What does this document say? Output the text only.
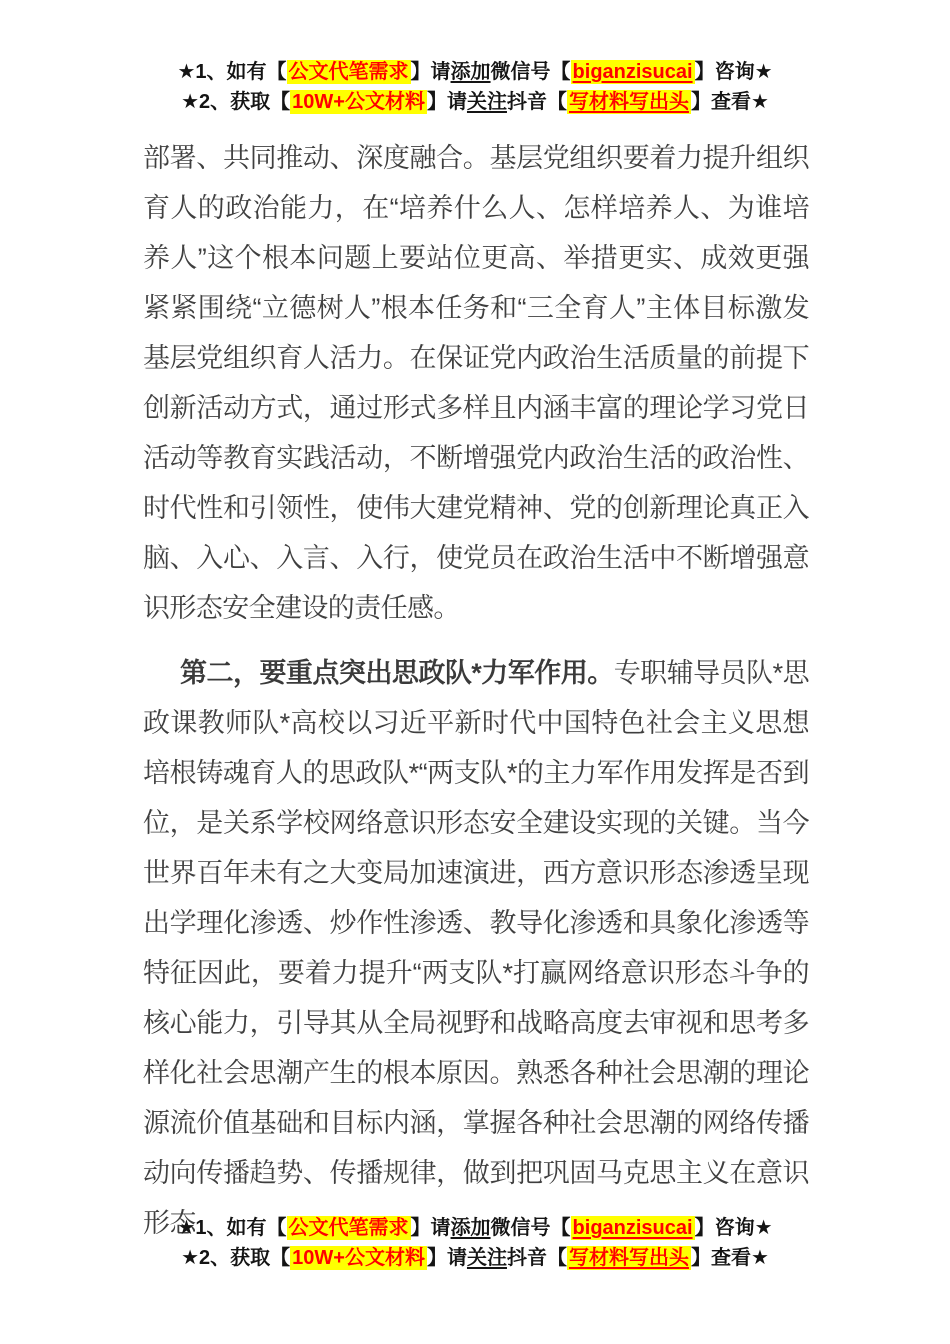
★1、如有【 公文代笔需求 】请添加微信号【 biganzisucai 】咨询★
★2、获取【 10W+公文材料 】请关注抖音【 写材料写出头 】查看★

部署、共同推动、深度融合。基层党组织要着力提升组织育人的政治能力，在“培养什么人、怎样培养人、为谁培养人”这个根本问题上要站位更高、举措更实、成效更强紧紧围绕“立德树人”根本任务和“三全育人”主体目标激发基层党组织育人活力。在保证党内政治生活质量的前提下创新活动方式，通过形式多样且内涵丰富的理论学习党日活动等教育实践活动，不断增强党内政治生活的政治性、时代性和引领性，使伟大建党精神、党的创新理论真正入脑、入心、入言、入行，使党员在政治生活中不断增强意识形态安全建设的责任感。

第二，要重点突出思政队*力军作用。专职辅导员队*思政课教师队*高校以习近平新时代中国特色社会主义思想培根铸魂育人的思政队*“两支队*的主力军作用发挥是否到位，是关系学校网络意识形态安全建设实现的关键。当今世界百年未有之大变局加速演进，西方意识形态渗透呈现出学理化渗透、炒作性渗透、教导化渗透和具象化渗透等特征因此，要着力提升“两支队*打赢网络意识形态斗争的核心能力，引导其从全局视野和战略高度去审视和思考多样化社会思潮产生的根本原因。熟悉各种社会思潮的理论源流价值基础和目标内涵，掌握各种社会思潮的网络传播动向传播趋势、传播规律，做到把巩固马克思主义在意识形态

★1、如有【 公文代笔需求 】请添加微信号【 biganzisucai 】咨询★
★2、获取【 10W+公文材料 】请关注抖音【 写材料写出头 】查看★
